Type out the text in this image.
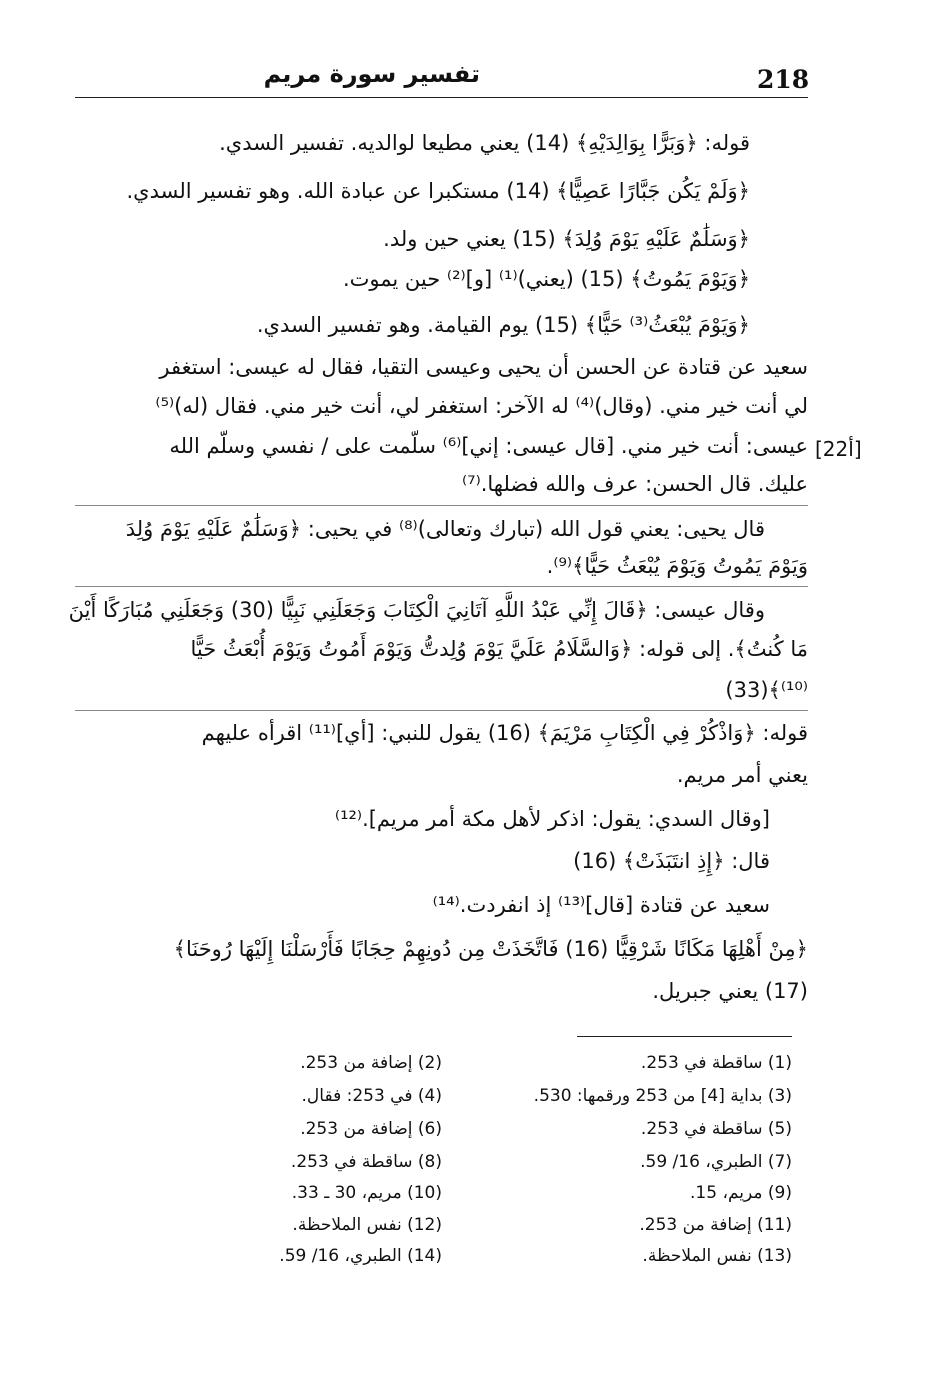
218
تفسير سورة مريم
[22أ]
قوله: ﴿وَبَرًّا بِوَالِدَيْهِ﴾ (14) يعني مطيعا لوالديه. تفسير السدي.
﴿وَلَمْ يَكُن جَبَّارًا عَصِيًّا﴾ (14) مستكبرا عن عبادة الله. وهو تفسير السدي.
﴿وَسَلَٰمٌ عَلَيْهِ يَوْمَ وُلِدَ﴾ (15) يعني حين ولد.
﴿وَيَوْمَ يَمُوتُ﴾ (15) (يعني)⁽¹⁾ [و]⁽²⁾ حين يموت.
﴿وَيَوْمَ يُبْعَثُ⁽³⁾ حَيًّا﴾ (15) يوم القيامة. وهو تفسير السدي.
سعيد عن قتادة عن الحسن أن يحيى وعيسى التقيا، فقال له عيسى: استغفر
لي أنت خير مني. (وقال)⁽⁴⁾ له الآخر: استغفر لي، أنت خير مني. فقال (له)⁽⁵⁾
عيسى: أنت خير مني. [قال عيسى: إني]⁽⁶⁾ سلّمت على / نفسي وسلّم الله
عليك. قال الحسن: عرف والله فضلها.⁽⁷⁾
قال يحيى: يعني قول الله (تبارك وتعالى)⁽⁸⁾ في يحيى: ﴿وَسَلَٰمٌ عَلَيْهِ يَوْمَ وُلِدَ
وَيَوْمَ يَمُوتُ وَيَوْمَ يُبْعَثُ حَيًّا﴾⁽⁹⁾.
وقال عيسى: ﴿قَالَ إِنِّي عَبْدُ اللَّهِ آتَانِيَ الْكِتَابَ وَجَعَلَنِي نَبِيًّا (30) وَجَعَلَنِي مُبَارَكًا أَيْنَ
مَا كُنتُ﴾. إلى قوله: ﴿وَالسَّلَامُ عَلَيَّ يَوْمَ وُلِدتُّ وَيَوْمَ أَمُوتُ وَيَوْمَ أُبْعَثُ حَيًّا
(33)﴾⁽¹⁰⁾
قوله: ﴿وَاذْكُرْ فِي الْكِتَابِ مَرْيَمَ﴾ (16) يقول للنبي: [أي]⁽¹¹⁾ اقرأه عليهم
يعني أمر مريم.
[وقال السدي: يقول: اذكر لأهل مكة أمر مريم].⁽¹²⁾
قال: ﴿إِذِ انتَبَذَتْ﴾ (16)
سعيد عن قتادة [قال]⁽¹³⁾ إذ انفردت.⁽¹⁴⁾
﴿مِنْ أَهْلِهَا مَكَانًا شَرْقِيًّا (16) فَاتَّخَذَتْ مِن دُونِهِمْ حِجَابًا فَأَرْسَلْنَا إِلَيْهَا رُوحَنَا﴾
(17) يعني جبريل.
(1) ساقطة في 253.
(3) بداية [4] من 253 ورقمها: 530.
(5) ساقطة في 253.
(7) الطبري، 16/ 59.
(9) مريم، 15.
(11) إضافة من 253.
(13) نفس الملاحظة.
(2) إضافة من 253.
(4) في 253: فقال.
(6) إضافة من 253.
(8) ساقطة في 253.
(10) مريم، 30 ـ 33.
(12) نفس الملاحظة.
(14) الطبري، 16/ 59.
